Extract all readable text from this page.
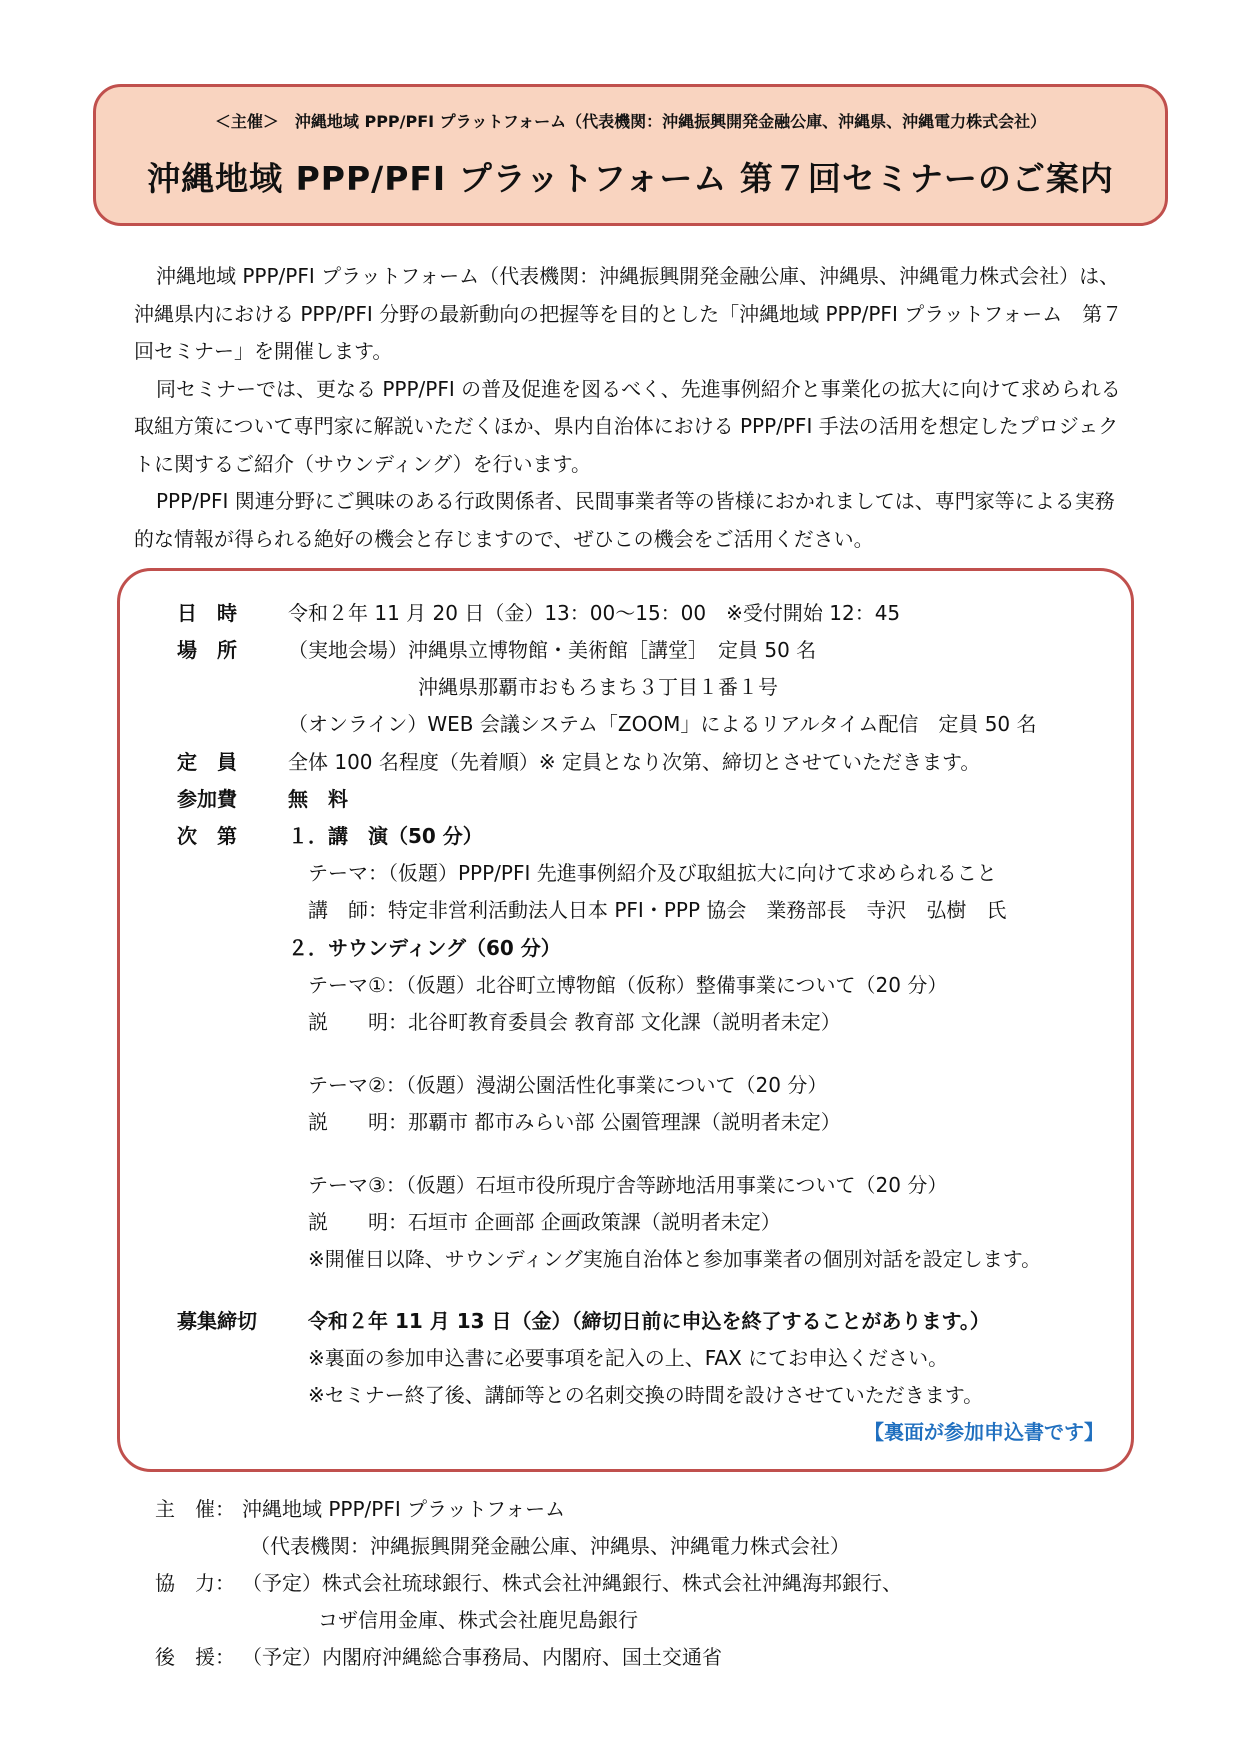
＜主催＞　沖縄地域 PPP/PFI プラットフォーム（代表機関：沖縄振興開発金融公庫、沖縄県、沖縄電力株式会社）
沖縄地域 PPP/PFI プラットフォーム 第７回セミナーのご案内

沖縄地域 PPP/PFI プラットフォーム（代表機関：沖縄振興開発金融公庫、沖縄県、沖縄電力株式会社）は、沖縄県内における PPP/PFI 分野の最新動向の把握等を目的とした「沖縄地域 PPP/PFI プラットフォーム　第７回セミナー」を開催します。

同セミナーでは、更なる PPP/PFI の普及促進を図るべく、先進事例紹介と事業化の拡大に向けて求められる取組方策について専門家に解説いただくほか、県内自治体における PPP/PFI 手法の活用を想定したプロジェクトに関するご紹介（サウンディング）を行います。

PPP/PFI 関連分野にご興味のある行政関係者、民間事業者等の皆様におかれましては、専門家等による実務的な情報が得られる絶好の機会と存じますので、ぜひこの機会をご活用ください。

日　時	令和２年 11 月 20 日（金）13：00～15：00　※受付開始 12：45
場　所	（実地会場）沖縄県立博物館・美術館［講堂］　定員 50 名
沖縄県那覇市おもろまち３丁目１番１号
（オンライン）WEB 会議システム「ZOOM」によるリアルタイム配信　定員 50 名
定　員	全体 100 名程度（先着順）※ 定員となり次第、締切とさせていただきます。
参加費	無　料
次　第	１．講　演（50 分）
テーマ：（仮題）PPP/PFI 先進事例紹介及び取組拡大に向けて求められること
講　師：特定非営利活動法人日本 PFI・PPP 協会　業務部長　寺沢　弘樹　氏
２．サウンディング（60 分）
テーマ①：（仮題）北谷町立博物館（仮称）整備事業について（20 分）
説　　明：北谷町教育委員会 教育部 文化課（説明者未定）
テーマ②：（仮題）漫湖公園活性化事業について（20 分）
説　　明：那覇市 都市みらい部 公園管理課（説明者未定）
テーマ③：（仮題）石垣市役所現庁舎等跡地活用事業について（20 分）
説　　明：石垣市 企画部 企画政策課（説明者未定）
※開催日以降、サウンディング実施自治体と参加事業者の個別対話を設定します。
募集締切	令和２年 11 月 13 日（金）（締切日前に申込を終了することがあります。）
※裏面の参加申込書に必要事項を記入の上、FAX にてお申込ください。
※セミナー終了後、講師等との名刺交換の時間を設けさせていただきます。
【裏面が参加申込書です】
主　催： 沖縄地域 PPP/PFI プラットフォーム
（代表機関：沖縄振興開発金融公庫、沖縄県、沖縄電力株式会社）
協　力： （予定）株式会社琉球銀行、株式会社沖縄銀行、株式会社沖縄海邦銀行、
コザ信用金庫、株式会社鹿児島銀行
後　援： （予定）内閣府沖縄総合事務局、内閣府、国土交通省
